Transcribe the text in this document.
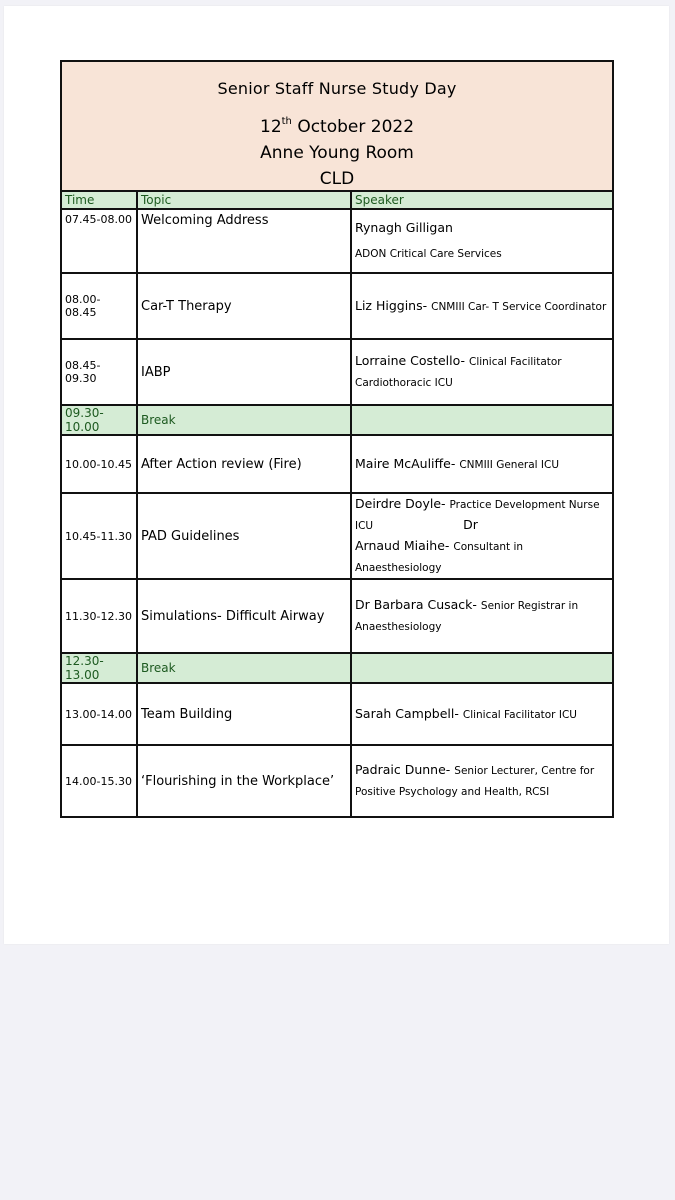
Senior Staff Nurse Study Day
12th October 2022
Anne Young Room
CLD		

Time	Topic	Speaker
07.45-08.00	Welcoming Address	Rynagh Gilligan
ADON Critical Care Services

08.00- 08.45	Car-T Therapy	Liz Higgins- CNMIII Car- T Service Coordinator
08.45- 09.30	IABP	Lorraine Costello- Clinical Facilitator Cardiothoracic ICU
09.30-10.00	Break	
10.00-10.45	After Action review (Fire)	Maire McAuliffe- CNMIII General ICU
10.45-11.30	PAD Guidelines	Deirdre Doyle- Practice Development Nurse ICU Dr
Arnaud Miaihe- Consultant in Anaesthesiology
11.30-12.30	Simulations- Difficult Airway	Dr Barbara Cusack- Senior Registrar in Anaesthesiology
12.30-13.00	Break	
13.00-14.00	Team Building	Sarah Campbell- Clinical Facilitator ICU
14.00-15.30	‘Flourishing in the Workplace’	Padraic Dunne- Senior Lecturer, Centre for Positive Psychology and Health, RCSI
